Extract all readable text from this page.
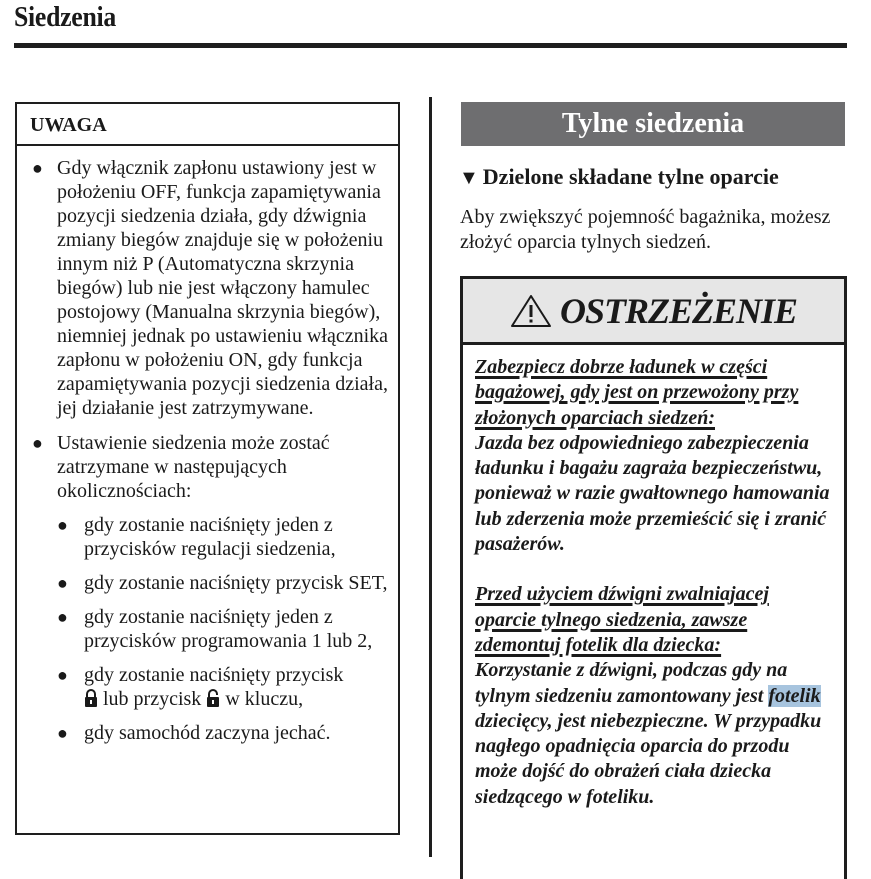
Siedzenia
UWAGA
● Gdy włącznik zapłonu ustawiony jest w położeniu OFF, funkcja zapamiętywania pozycji siedzenia działa, gdy dźwignia zmiany biegów znajduje się w położeniu innym niż P (Automatyczna skrzynia biegów) lub nie jest włączony hamulec postojowy (Manualna skrzynia biegów), niemniej jednak po ustawieniu włącznika zapłonu w położeniu ON, gdy funkcja zapamiętywania pozycji siedzenia działa, jej działanie jest zatrzymywane.
● Ustawienie siedzenia może zostać zatrzymane w następujących okolicznościach:
● gdy zostanie naciśnięty jeden z przycisków regulacji siedzenia,
● gdy zostanie naciśnięty przycisk SET,
● gdy zostanie naciśnięty jeden z przycisków programowania 1 lub 2,
● gdy zostanie naciśnięty przycisk
lub przycisk w kluczu,
● gdy samochód zaczyna jechać.
Tylne siedzenia
▼ Dzielone składane tylne oparcie

Aby zwiększyć pojemność bagażnika, możesz złożyć oparcia tylnych siedzeń.

OSTRZEŻENIE

Zabezpiecz dobrze ładunek w części bagażowej, gdy jest on przewożony przy złożonych oparciach siedzeń:
Jazda bez odpowiedniego zabezpieczenia ładunku i bagażu zagraża bezpieczeństwu, ponieważ w razie gwałtownego hamowania lub zderzenia może przemieścić się i zranić pasażerów.

Przed użyciem dźwigni zwalniajacej oparcie tylnego siedzenia, zawsze zdemontuj fotelik dla dziecka:
Korzystanie z dźwigni, podczas gdy na tylnym siedzeniu zamontowany jest fotelik dziecięcy, jest niebezpieczne. W przypadku nagłego opadnięcia oparcia do przodu może dojść do obrażeń ciała dziecka siedzącego w foteliku.
